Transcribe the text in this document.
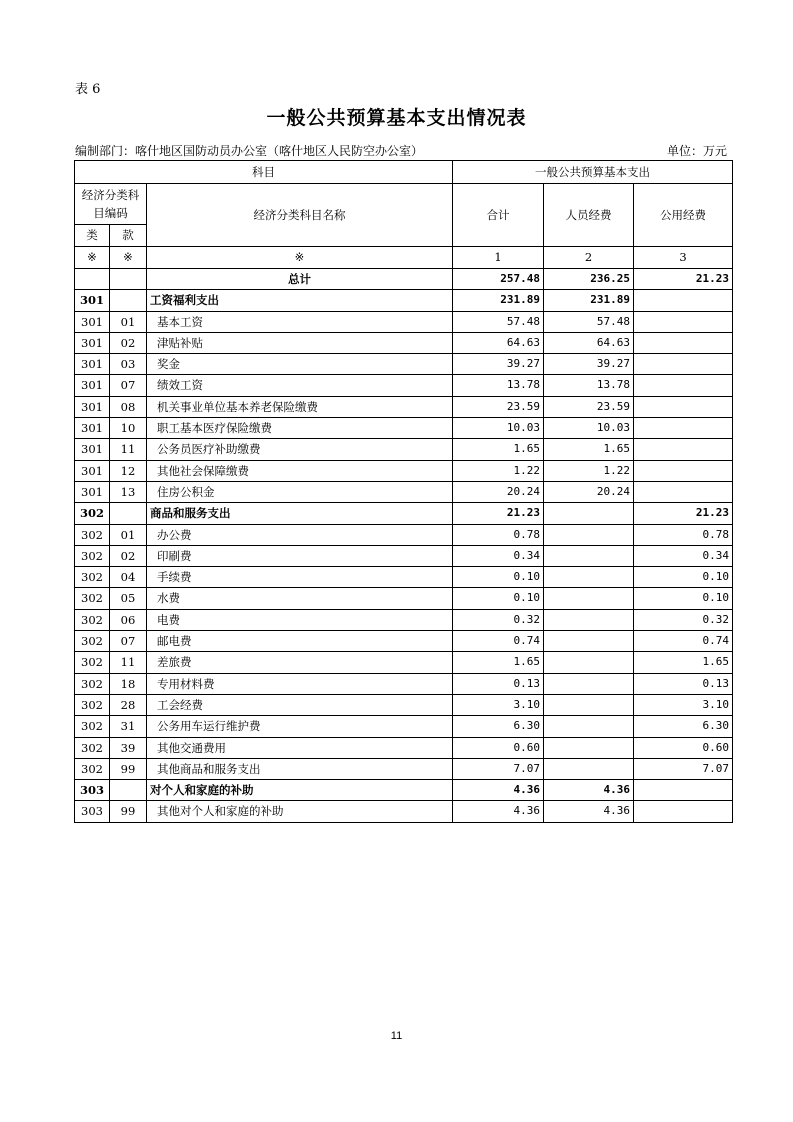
表 6
一般公共预算基本支出情况表
编制部门：喀什地区国防动员办公室（喀什地区人民防空办公室）	单位：万元
科目			一般公共预算基本支出		
经济分类科目编码		经济分类科目名称	合计	人员经费	公用经费
类	款				
※	※	※	1	2	3
		总计	257.48	236.25	21.23
301		工资福利支出	231.89	231.89	
301	01	基本工资	57.48	57.48	
301	02	津贴补贴	64.63	64.63	
301	03	奖金	39.27	39.27	
301	07	绩效工资	13.78	13.78	
301	08	机关事业单位基本养老保险缴费	23.59	23.59	
301	10	职工基本医疗保险缴费	10.03	10.03	
301	11	公务员医疗补助缴费	1.65	1.65	
301	12	其他社会保障缴费	1.22	1.22	
301	13	住房公积金	20.24	20.24	
302		商品和服务支出	21.23		21.23
302	01	办公费	0.78		0.78
302	02	印刷费	0.34		0.34
302	04	手续费	0.10		0.10
302	05	水费	0.10		0.10
302	06	电费	0.32		0.32
302	07	邮电费	0.74		0.74
302	11	差旅费	1.65		1.65
302	18	专用材料费	0.13		0.13
302	28	工会经费	3.10		3.10
302	31	公务用车运行维护费	6.30		6.30
302	39	其他交通费用	0.60		0.60
302	99	其他商品和服务支出	7.07		7.07
303		对个人和家庭的补助	4.36	4.36	
303	99	其他对个人和家庭的补助	4.36	4.36	
11
